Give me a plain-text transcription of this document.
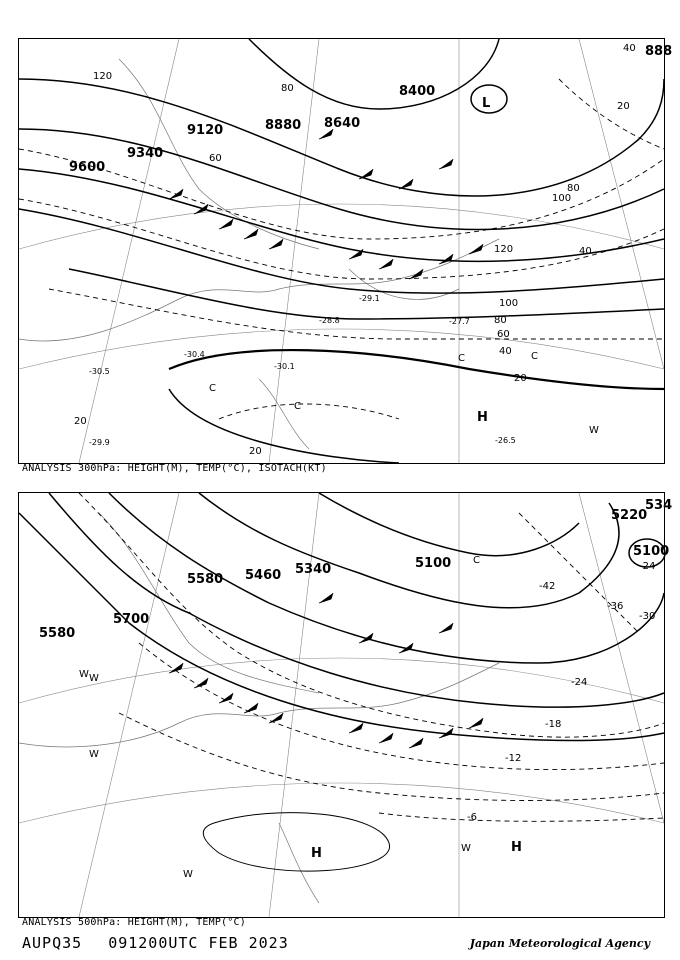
9600
9340
9120	8880 8640
8400
888
120
80
40
20
60
100
120
100
80
60
40
20
20
80
40
20
-30.5
-30.4
-30.1
-29.1
-27.7
-26.5
-28.8
-29.9
L
H
C	C
C
C
W
ANALYSIS 300hPa: HEIGHT(M), TEMP(°C), ISOTACH(KT)
5700
5580 5460 5340	5100
5220
5100
534
5580
-42
-36
-30
-24
-18
-12
-6
-24
H	H
W
W
W
W
C
W
ANALYSIS 500hPa: HEIGHT(M), TEMP(°C)
AUPQ35 091200UTC FEB 2023	Japan Meteorological Agency
